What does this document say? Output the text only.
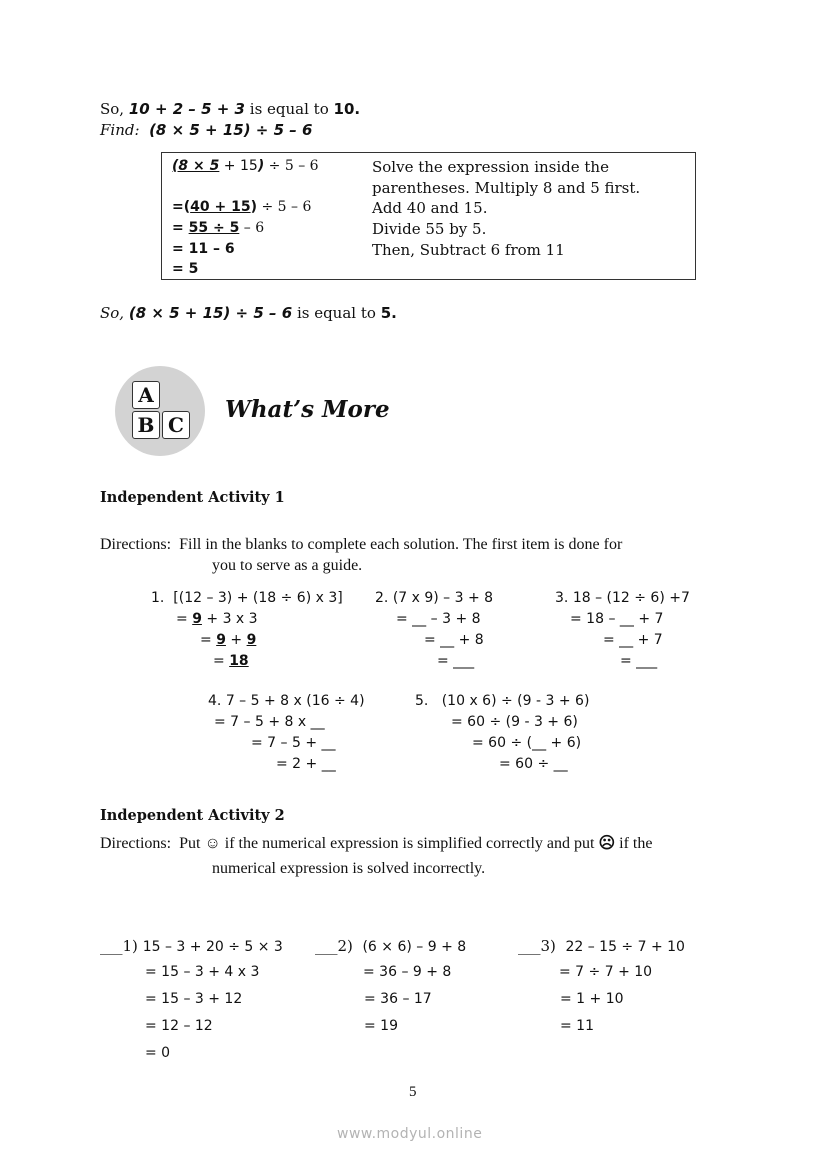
So, 10 + 2 – 5 + 3 is equal to 10.
Find: (8 × 5 + 15) ÷ 5 – 6
(8 × 5 + 15) ÷ 5 – 6	Solve the expression inside the
parentheses. Multiply 8 and 5 first.
=(40 + 15) ÷ 5 – 6	Add 40 and 15.
= 55 ÷ 5 – 6	Divide 55 by 5.
= 11 – 6	Then, Subtract 6 from 11
= 5
So, (8 × 5 + 15) ÷ 5 – 6 is equal to 5.
A
B C
What’s More
Independent Activity 1
Directions: Fill in the blanks to complete each solution. The first item is done for
you to serve as a guide.
1. [(12 – 3) + (18 ÷ 6) x 3]
= 9 + 3 x 3
= 9 + 9
= 18
2. (7 x 9) – 3 + 8
= __ – 3 + 8
= __ + 8
= ___
3. 18 – (12 ÷ 6) +7
= 18 – __ + 7
= __ + 7
= ___
4. 7 – 5 + 8 x (16 ÷ 4)
= 7 – 5 + 8 x __
= 7 – 5 + __
= 2 + __
5. (10 x 6) ÷ (9 - 3 + 6)
= 60 ÷ (9 - 3 + 6)
= 60 ÷ (__ + 6)
= 60 ÷ __
Independent Activity 2
Directions: Put ☺ if the numerical expression is simplified correctly and put ☹ if the
numerical expression is solved incorrectly.
___1) 15 – 3 + 20 ÷ 5 × 3
= 15 – 3 + 4 x 3
= 15 – 3 + 12
= 12 – 12
= 0
___2) (6 × 6) – 9 + 8
= 36 – 9 + 8
= 36 – 17
= 19
___3) 22 – 15 ÷ 7 + 10
= 7 ÷ 7 + 10
= 1 + 10
= 11
5
www.modyul.online
